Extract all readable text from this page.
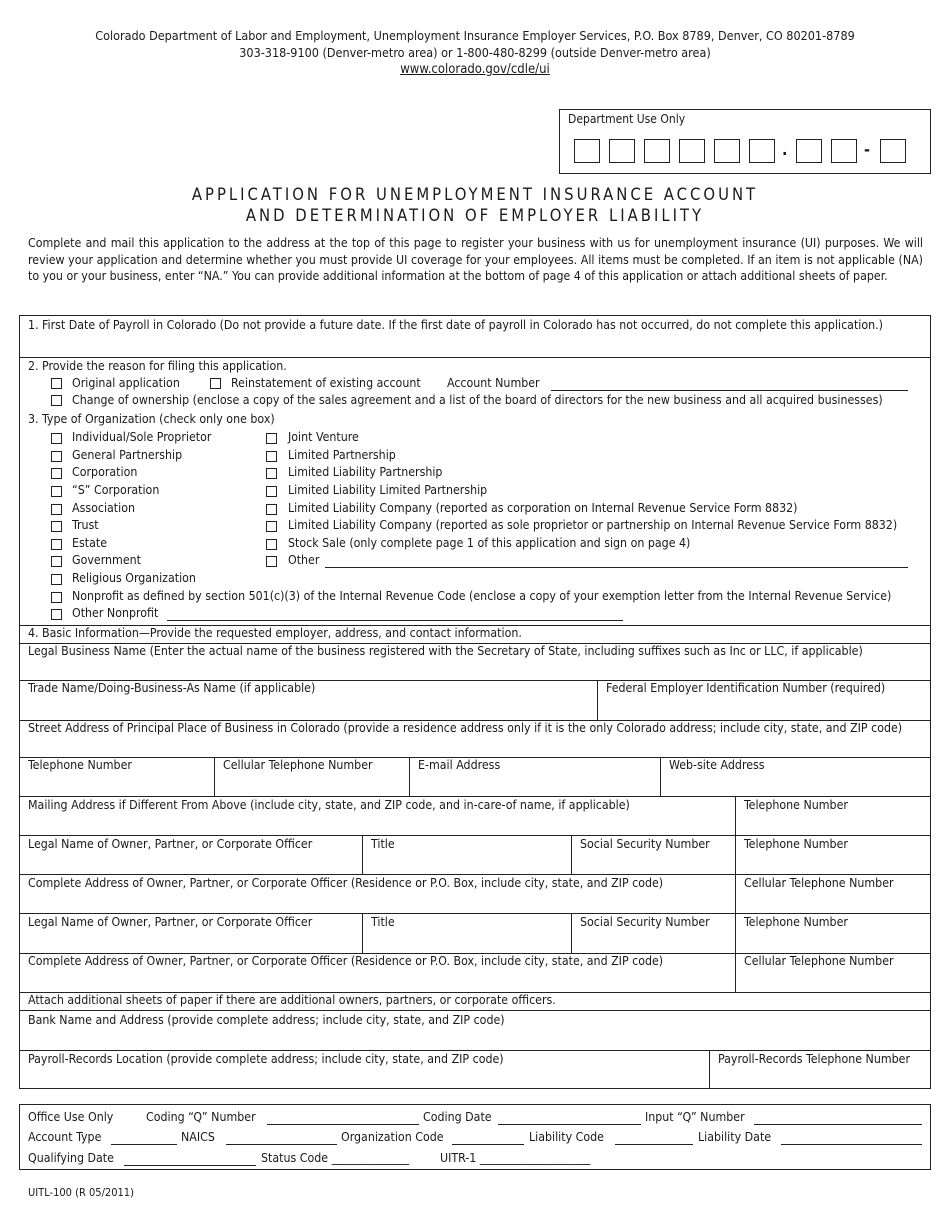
Colorado Department of Labor and Employment, Unemployment Insurance Employer Services, P.O. Box 8789, Denver, CO 80201-8789
303-318-9100 (Denver-metro area) or 1-800-480-8299 (outside Denver-metro area)
www.colorado.gov/cdle/ui
Department Use Only
.	-
APPLICATION FOR UNEMPLOYMENT INSURANCE ACCOUNT
AND DETERMINATION OF EMPLOYER LIABILITY
Complete and mail this application to the address at the top of this page to register your business with us for unemployment insurance (UI) purposes. We will review your application and determine whether you must provide UI coverage for your employees. All items must be completed. If an item is not applicable (NA) to you or your business, enter “NA.” You can provide additional information at the bottom of page 4 of this application or attach additional sheets of paper.
1. First Date of Payroll in Colorado (Do not provide a future date. If the first date of payroll in Colorado has not occurred, do not complete this application.)
2. Provide the reason for filing this application.
Original application	Reinstatement of existing account Account Number
Change of ownership (enclose a copy of the sales agreement and a list of the board of directors for the new business and all acquired businesses)
3. Type of Organization (check only one box)
Individual/Sole Proprietor
General Partnership
Corporation
“S” Corporation
Association
Trust
Estate
Government
Religious Organization
Joint Venture
Limited Partnership
Limited Liability Partnership
Limited Liability Limited Partnership
Limited Liability Company (reported as corporation on Internal Revenue Service Form 8832)
Limited Liability Company (reported as sole proprietor or partnership on Internal Revenue Service Form 8832)
Stock Sale (only complete page 1 of this application and sign on page 4)
Other
Nonprofit as defined by section 501(c)(3) of the Internal Revenue Code (enclose a copy of your exemption letter from the Internal Revenue Service)
Other Nonprofit
4. Basic Information—Provide the requested employer, address, and contact information.
Legal Business Name (Enter the actual name of the business registered with the Secretary of State, including suffixes such as Inc or LLC, if applicable)
Trade Name/Doing-Business-As Name (if applicable)	Federal Employer Identification Number (required)
Street Address of Principal Place of Business in Colorado (provide a residence address only if it is the only Colorado address; include city, state, and ZIP code)
Telephone Number	Cellular Telephone Number	E-mail Address	Web-site Address
Mailing Address if Different From Above (include city, state, and ZIP code, and in-care-of name, if applicable)	Telephone Number
Legal Name of Owner, Partner, or Corporate Officer	Title	Social Security Number	Telephone Number
Complete Address of Owner, Partner, or Corporate Officer (Residence or P.O. Box, include city, state, and ZIP code)	Cellular Telephone Number
Legal Name of Owner, Partner, or Corporate Officer	Title	Social Security Number	Telephone Number
Complete Address of Owner, Partner, or Corporate Officer (Residence or P.O. Box, include city, state, and ZIP code)	Cellular Telephone Number
Attach additional sheets of paper if there are additional owners, partners, or corporate officers.
Bank Name and Address (provide complete address; include city, state, and ZIP code)
Payroll-Records Location (provide complete address; include city, state, and ZIP code)	Payroll-Records Telephone Number
Office Use Only	Coding “Q” Number	Coding Date	Input “Q” Number
Account Type	NAICS	Organization Code	Liability Code	Liability Date
Qualifying Date	Status Code ______________	UITR-1 ____________________
UITL-100 (R 05/2011)
